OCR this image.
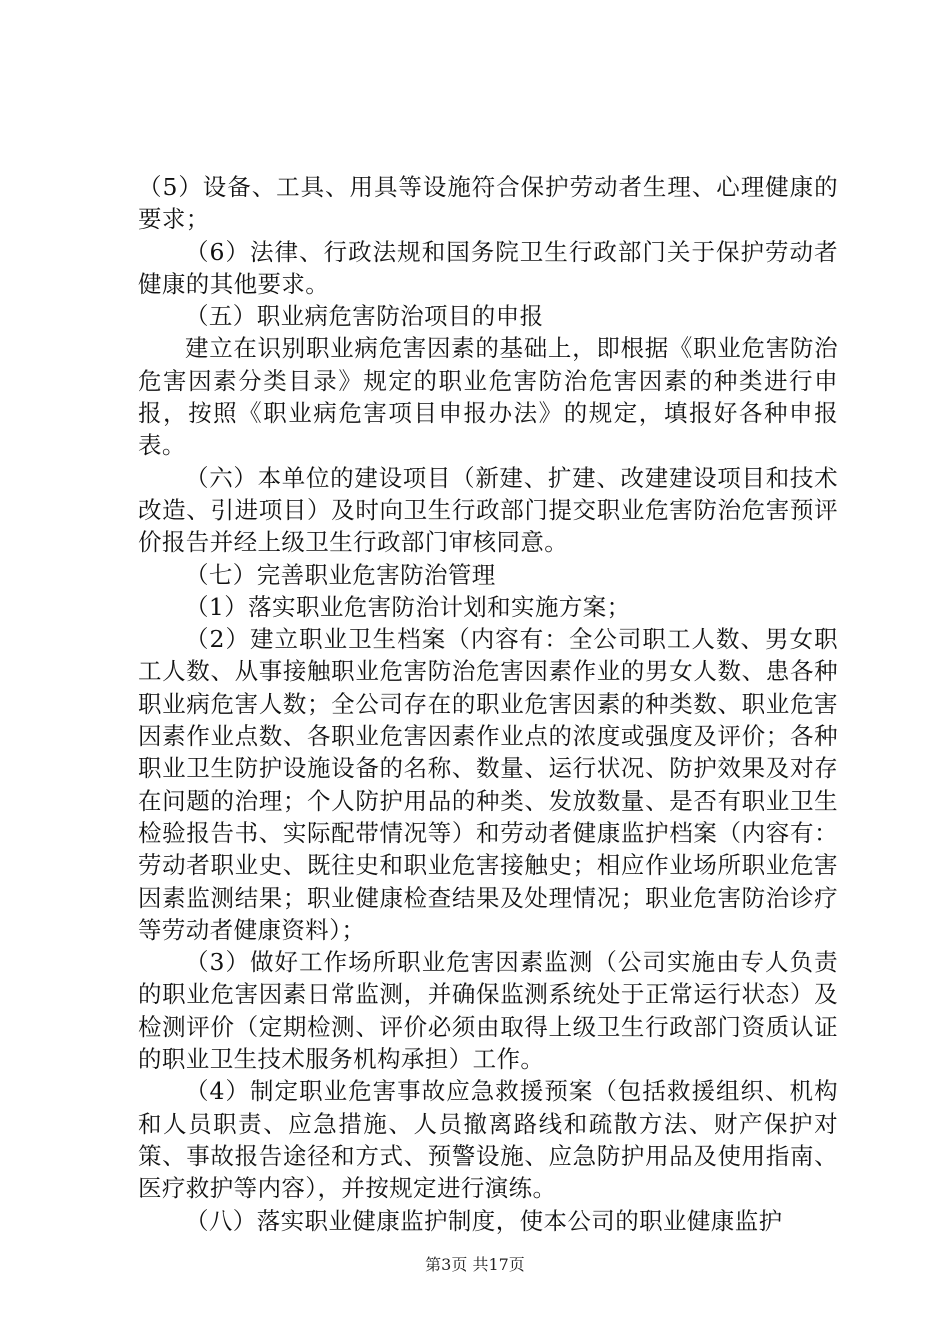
（5）设备、工具、用具等设施符合保护劳动者生理、心理健康的要求；

（6）法律、行政法规和国务院卫生行政部门关于保护劳动者健康的其他要求。

（五）职业病危害防治项目的申报

建立在识别职业病危害因素的基础上，即根据《职业危害防治危害因素分类目录》规定的职业危害防治危害因素的种类进行申报，按照《职业病危害项目申报办法》的规定，填报好各种申报表。

（六）本单位的建设项目（新建、扩建、改建建设项目和技术改造、引进项目）及时向卫生行政部门提交职业危害防治危害预评价报告并经上级卫生行政部门审核同意。

（七）完善职业危害防治管理

（1）落实职业危害防治计划和实施方案；

（2）建立职业卫生档案（内容有：全公司职工人数、男女职工人数、从事接触职业危害防治危害因素作业的男女人数、患各种职业病危害人数；全公司存在的职业危害因素的种类数、职业危害因素作业点数、各职业危害因素作业点的浓度或强度及评价；各种职业卫生防护设施设备的名称、数量、运行状况、防护效果及对存在问题的治理；个人防护用品的种类、发放数量、是否有职业卫生检验报告书、实际配带情况等）和劳动者健康监护档案（内容有：劳动者职业史、既往史和职业危害接触史；相应作业场所职业危害因素监测结果；职业健康检查结果及处理情况；职业危害防治诊疗等劳动者健康资料）；

（3）做好工作场所职业危害因素监测（公司实施由专人负责的职业危害因素日常监测，并确保监测系统处于正常运行状态）及检测评价（定期检测、评价必须由取得上级卫生行政部门资质认证的职业卫生技术服务机构承担）工作。

（4）制定职业危害事故应急救援预案（包括救援组织、机构和人员职责、应急措施、人员撤离路线和疏散方法、财产保护对策、事故报告途径和方式、预警设施、应急防护用品及使用指南、医疗救护等内容），并按规定进行演练。

（八）落实职业健康监护制度，使本公司的职业健康监护

第3页 共17页
